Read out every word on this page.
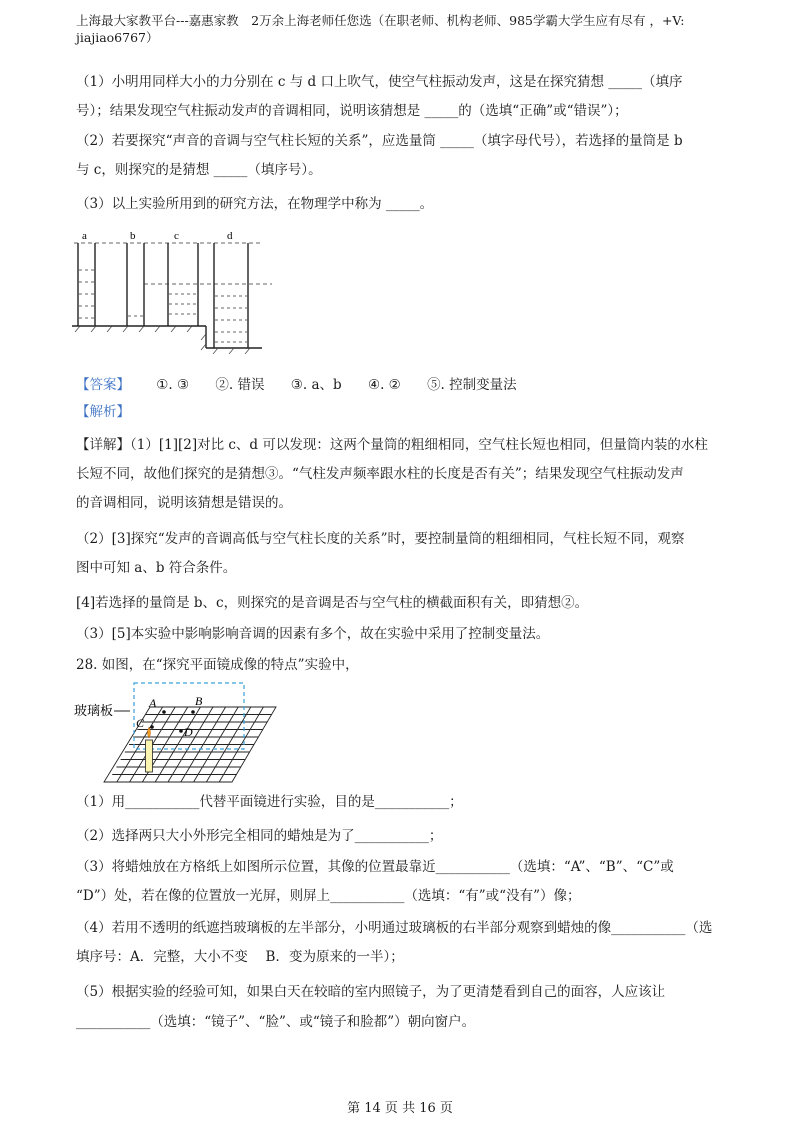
上海最大家教平台---嘉惠家教　2万余上海老师任您选（在职老师、机构老师、985学霸大学生应有尽有 ，+V:
jiajiao6767）
（1）小明用同样大小的力分别在 c 与 d 口上吹气，使空气柱振动发声，这是在探究猜想 _____（填序
号）；结果发现空气柱振动发声的音调相同，说明该猜想是 _____的（选填“正确”或“错误”）；
（2）若要探究“声音的音调与空气柱长短的关系”，应选量筒 _____（填字母代号），若选择的量筒是 b
与 c，则探究的是猜想 _____（填序号）。
（3）以上实验所用到的研究方法，在物理学中称为 _____。
a	b	c	d
【答案】 ①. ③ ②. 错误 ③. a、b ④. ② ⑤. 控制变量法
【解析】
【详解】（1）[1][2]对比 c、d 可以发现：这两个量筒的粗细相同，空气柱长短也相同，但量筒内装的水柱
长短不同，故他们探究的是猜想③。“气柱发声频率跟水柱的长度是否有关”；结果发现空气柱振动发声
的音调相同，说明该猜想是错误的。
（2）[3]探究“发声的音调高低与空气柱长度的关系”时，要控制量筒的粗细相同，气柱长短不同，观察
图中可知 a、b 符合条件。
[4]若选择的量筒是 b、c，则探究的是音调是否与空气柱的横截面积有关，即猜想②。
（3）[5]本实验中影响影响音调的因素有多个，故在实验中采用了控制变量法。
28. 如图，在“探究平面镜成像的特点”实验中，
玻璃板	A	B
C
D
（1）用___________代替平面镜进行实验，目的是___________；
（2）选择两只大小外形完全相同的蜡烛是为了___________；
（3）将蜡烛放在方格纸上如图所示位置，其像的位置最靠近___________（选填：“A”、“B”、“C”或
“D”）处，若在像的位置放一光屏，则屏上___________（选填：“有”或“没有”）像；
（4）若用不透明的纸遮挡玻璃板的左半部分，小明通过玻璃板的右半部分观察到蜡烛的像___________（选
填序号：A．完整，大小不变　 B．变为原来的一半）；
（5）根据实验的经验可知，如果白天在较暗的室内照镜子，为了更清楚看到自己的面容，人应该让
___________（选填：“镜子”、“脸”、或“镜子和脸都”）朝向窗户。
第 14 页 共 16 页
